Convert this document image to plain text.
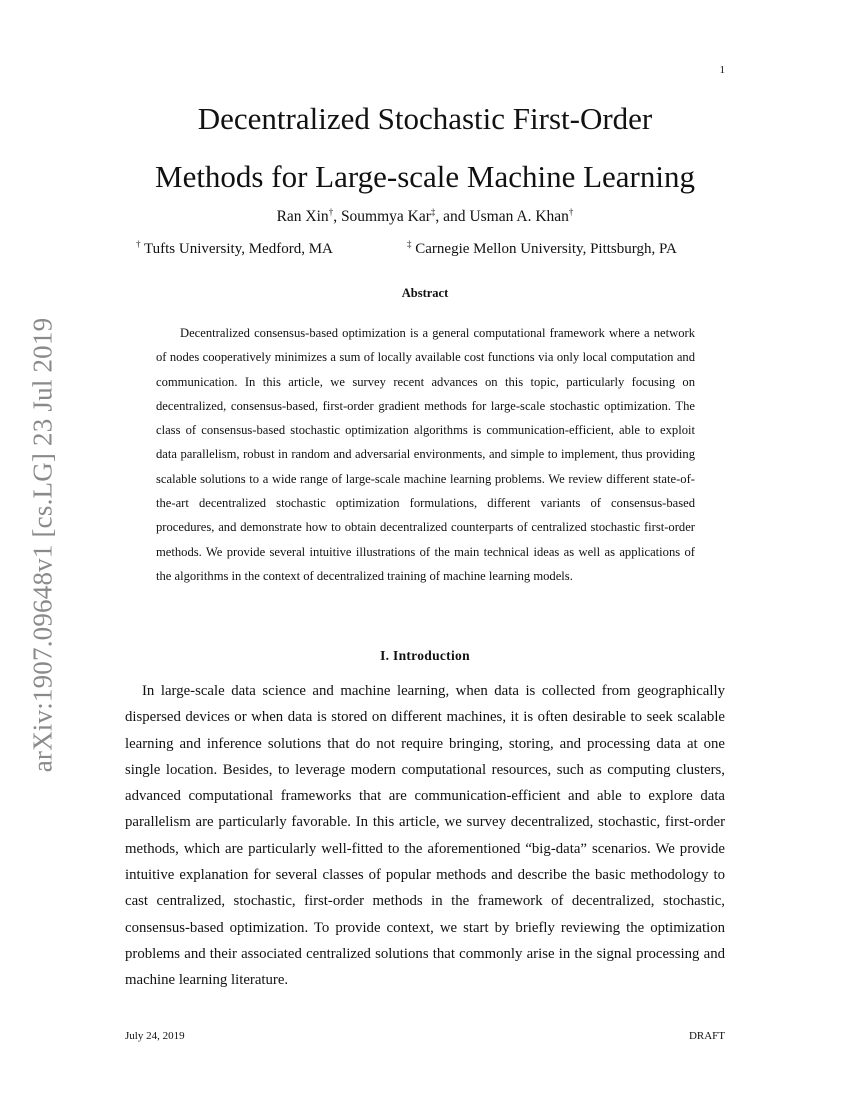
1
arXiv:1907.09648v1 [cs.LG] 23 Jul 2019
Decentralized Stochastic First-Order
Methods for Large-scale Machine Learning
Ran Xin†, Soummya Kar‡, and Usman A. Khan†
† Tufts University, Medford, MA	‡ Carnegie Mellon University, Pittsburgh, PA
Abstract

Decentralized consensus-based optimization is a general computational framework where a network of nodes cooperatively minimizes a sum of locally available cost functions via only local computation and communication. In this article, we survey recent advances on this topic, particularly focusing on decentralized, consensus-based, first-order gradient methods for large-scale stochastic optimization. The class of consensus-based stochastic optimization algorithms is communication-efficient, able to exploit data parallelism, robust in random and adversarial environments, and simple to implement, thus providing scalable solutions to a wide range of large-scale machine learning problems. We review different state-of-the-art decentralized stochastic optimization formulations, different variants of consensus-based procedures, and demonstrate how to obtain decentralized counterparts of centralized stochastic first-order methods. We provide several intuitive illustrations of the main technical ideas as well as applications of the algorithms in the context of decentralized training of machine learning models.

I. Introduction

In large-scale data science and machine learning, when data is collected from geographically dispersed devices or when data is stored on different machines, it is often desirable to seek scalable learning and inference solutions that do not require bringing, storing, and processing data at one single location. Besides, to leverage modern computational resources, such as computing clusters, advanced computational frameworks that are communication-efficient and able to explore data parallelism are particularly favorable. In this article, we survey decentralized, stochastic, first-order methods, which are particularly well-fitted to the aforementioned “big-data” scenarios. We provide intuitive explanation for several classes of popular methods and describe the basic methodology to cast centralized, stochastic, first-order methods in the framework of decentralized, stochastic, consensus-based optimization. To provide context, we start by briefly reviewing the optimization problems and their associated centralized solutions that commonly arise in the signal processing and machine learning literature.

July 24, 2019	DRAFT
